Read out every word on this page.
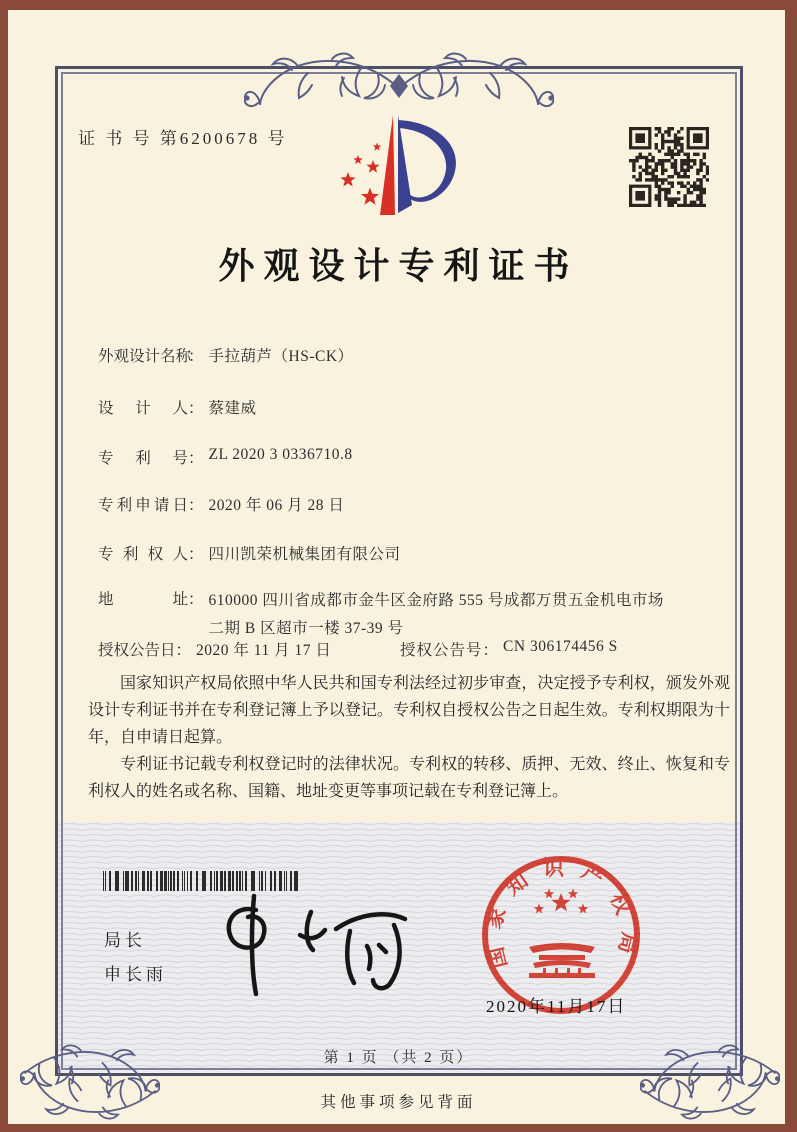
证 书 号 第6200678 号
外观设计专利证书
外观设计名称： 手拉葫芦（HS-CK）
设计人： 蔡建威
专利号： ZL 2020 3 0336710.8
专利申请日： 2020 年 06 月 28 日
专利权人： 四川凯荣机械集团有限公司
地址： 610000 四川省成都市金牛区金府路 555 号成都万贯五金机电市场二期 B 区超市一楼 37-39 号
授权公告日： 2020 年 11 月 17 日	授权公告号： CN 306174456 S

国家知识产权局依照中华人民共和国专利法经过初步审查，决定授予专利权，颁发外观设计专利证书并在专利登记簿上予以登记。专利权自授权公告之日起生效。专利权期限为十年，自申请日起算。

专利证书记载专利权登记时的法律状况。专利权的转移、质押、无效、终止、恢复和专利权人的姓名或名称、国籍、地址变更等事项记载在专利登记簿上。

局长
申长雨
国家知识产权局
2020年11月17日
第 1 页 （共 2 页）
其他事项参见背面
